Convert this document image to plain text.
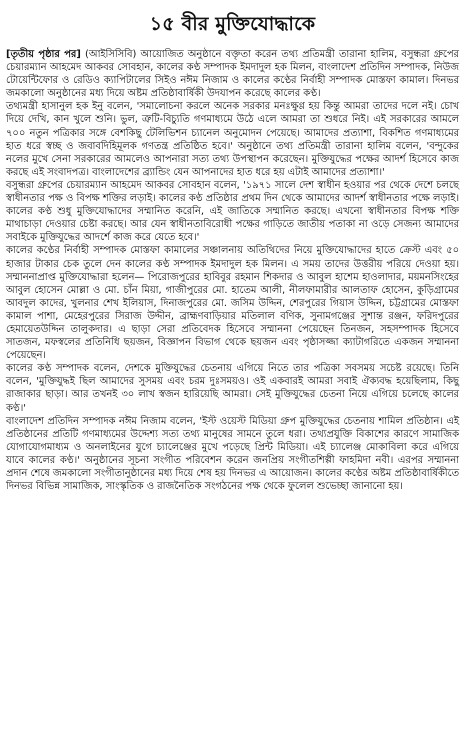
১৫ বীর মুক্তিযোদ্ধাকে

[তৃতীয় পৃষ্ঠার পর] (আইসিসিবি) আয়োজিত অনুষ্ঠানে বক্তৃতা করেন তথ্য প্রতিমন্ত্রী তারানা হালিম, বসুন্ধরা গ্রুপের চেয়ারম্যান আহমেদ আকবর সোবহান, কালের কণ্ঠ সম্পাদক ইমদাদুল হক মিলন, বাংলাদেশ প্রতিদিন সম্পাদক, নিউজ টোয়েন্টিফোর ও রেডিও ক্যাপিটালের সিইও নঈম নিজাম ও কালের কণ্ঠের নির্বাহী সম্পাদক মোস্তফা কামাল। দিনভর জমকালো অনুষ্ঠানের মধ্য দিয়ে অষ্টম প্রতিষ্ঠাবার্ষিকী উদযাপন করেছে কালের কণ্ঠ।

তথ্যমন্ত্রী হাসানুল হক ইনু বলেন, 'সমালোচনা করলে অনেক সরকার মনঃক্ষুণ্ণ হয় কিন্তু আমরা তাদের দলে নই। চোখ দিয়ে দেখি, কান খুলে শুনি। ভুল, ত্রুটি-বিচ্যুতি গণমাধ্যমে উঠে এলে আমরা তা শুধরে নিই। এই সরকারের আমলে ৭০০ নতুন পত্রিকার সঙ্গে বেশকিছু টেলিভিশন চ্যানেল অনুমোদন পেয়েছে। আমাদের প্রত্যাশা, বিকশিত গণমাধ্যমের হাত ধরে স্বচ্ছ ও জবাবদিহিমূলক গণতন্ত্র প্রতিষ্ঠিত হবে।' অনুষ্ঠানে তথ্য প্রতিমন্ত্রী তারানা হালিম বলেন, 'বন্দুকের নলের মুখে সেনা সরকারের আমলেও আপনারা সত্য তথ্য উপস্থাপন করেছেন। মুক্তিযুদ্ধের পক্ষের আদর্শ হিসেবে কাজ করছে এই সংবাদপত্র। বাংলাদেশের ব্র্যান্ডিং যেন আপনাদের হাত ধরে হয় এটাই আমাদের প্রত্যাশা।'

বসুন্ধরা গ্রুপের চেয়ারম্যান আহমেদ আকবর সোবহান বলেন, '১৯৭১ সালে দেশ স্বাধীন হওয়ার পর থেকে দেশে চলছে স্বাধীনতার পক্ষ ও বিপক্ষ শক্তির লড়াই। কালের কণ্ঠ প্রতিষ্ঠার প্রথম দিন থেকে আমাদের আদর্শ স্বাধীনতার পক্ষে লড়াই। কালের কণ্ঠ শুধু মুক্তিযোদ্ধাদের সম্মানিত করেনি, এই জাতিকে সম্মানিত করছে। এখনো স্বাধীনতার বিপক্ষ শক্তি মাথাচাড়া দেওয়ার চেষ্টা করছে। আর যেন স্বাধীনতাবিরোধী পক্ষের গাড়িতে জাতীয় পতাকা না ওড়ে সেজন্য আমাদের সবাইকে মুক্তিযুদ্ধের আদর্শে কাজ করে যেতে হবে।'

কালের কণ্ঠের নির্বাহী সম্পাদক মোস্তফা কামালের সঞ্চালনায় অতিথিদের নিয়ে মুক্তিযোদ্ধাদের হাতে ক্রেস্ট এবং ৫০ হাজার টাকার চেক তুলে দেন কালের কণ্ঠ সম্পাদক ইমদাদুল হক মিলন। এ সময় তাদের উত্তরীয় পরিয়ে দেওয়া হয়। সম্মাননাপ্রাপ্ত মুক্তিযোদ্ধারা হলেন— পিরোজপুরের হাবিবুর রহমান শিকদার ও আবুল হাশেম হাওলাদার, ময়মনসিংহের আবুল হোসেন মোল্লা ও মো. চাঁন মিয়া, গাজীপুরের মো. হাতেম আলী, নীলফামারীর আলতাফ হোসেন, কুড়িগ্রামের আবদুল কাদের, খুলনার শেখ ইলিয়াস, দিনাজপুরের মো. জসিম উদ্দিন, শেরপুরের গিয়াস উদ্দিন, চট্টগ্রামের মোস্তফা কামাল পাশা, মেহেরপুরের সিরাজ উদ্দীন, ব্রাহ্মণবাড়িয়ার মতিলাল বণিক, সুনামগঞ্জের সুশান্ত রঞ্জন, ফরিদপুরের হেমায়েতউদ্দিন তালুকদার। এ ছাড়া সেরা প্রতিবেদক হিসেবে সম্মাননা পেয়েছেন তিনজন, সহসম্পাদক হিসেবে সাতজন, মফস্বলের প্রতিনিধি ছয়জন, বিজ্ঞাপন বিভাগ থেকে ছয়জন এবং পৃষ্ঠাসজ্জা ক্যাটাগরিতে একজন সম্মাননা পেয়েছেন।

কালের কণ্ঠ সম্পাদক বলেন, দেশকে মুক্তিযুদ্ধের চেতনায় এগিয়ে নিতে তার পত্রিকা সবসময় সচেষ্ট রয়েছে। তিনি বলেন, 'মুক্তিযুদ্ধই ছিল আমাদের সুসময় এবং চরম দুঃসময়ও। ওই একবারই আমরা সবাই ঐক্যবদ্ধ হয়েছিলাম, কিছু রাজাকার ছাড়া। আর তখনই ৩০ লাখ স্বজন হারিয়েছি আমরা। সেই মুক্তিযুদ্ধের চেতনা নিয়ে এগিয়ে চলেছে কালের কণ্ঠ।'

বাংলাদেশ প্রতিদিন সম্পাদক নঈম নিজাম বলেন, 'ইস্ট ওয়েস্ট মিডিয়া গ্রুপ মুক্তিযুদ্ধের চেতনায় শামিল প্রতিষ্ঠান। এই প্রতিষ্ঠানের প্রতিটি গণমাধ্যমের উদ্দেশ্য সত্য তথ্য মানুষের সামনে তুলে ধরা। তথ্যপ্রযুক্তি বিকাশের কারণে সামাজিক যোগাযোগমাধ্যম ও অনলাইনের যুগে চ্যালেঞ্জের মুখে পড়েছে প্রিন্ট মিডিয়া। এই চ্যালেঞ্জ মোকাবিলা করে এগিয়ে যাবে কালের কণ্ঠ।' অনুষ্ঠানের সূচনা সংগীত পরিবেশন করেন জনপ্রিয় সংগীতশিল্পী ফাহমিদা নবী। এরপর সম্মাননা প্রদান শেষে জমকালো সংগীতানুষ্ঠানের মধ্য দিয়ে শেষ হয় দিনভর এ আয়োজন। কালের কণ্ঠের অষ্টম প্রতিষ্ঠাবার্ষিকীতে দিনভর বিভিন্ন সামাজিক, সাংস্কৃতিক ও রাজনৈতিক সংগঠনের পক্ষ থেকে ফুলেল শুভেচ্ছা জানানো হয়।
